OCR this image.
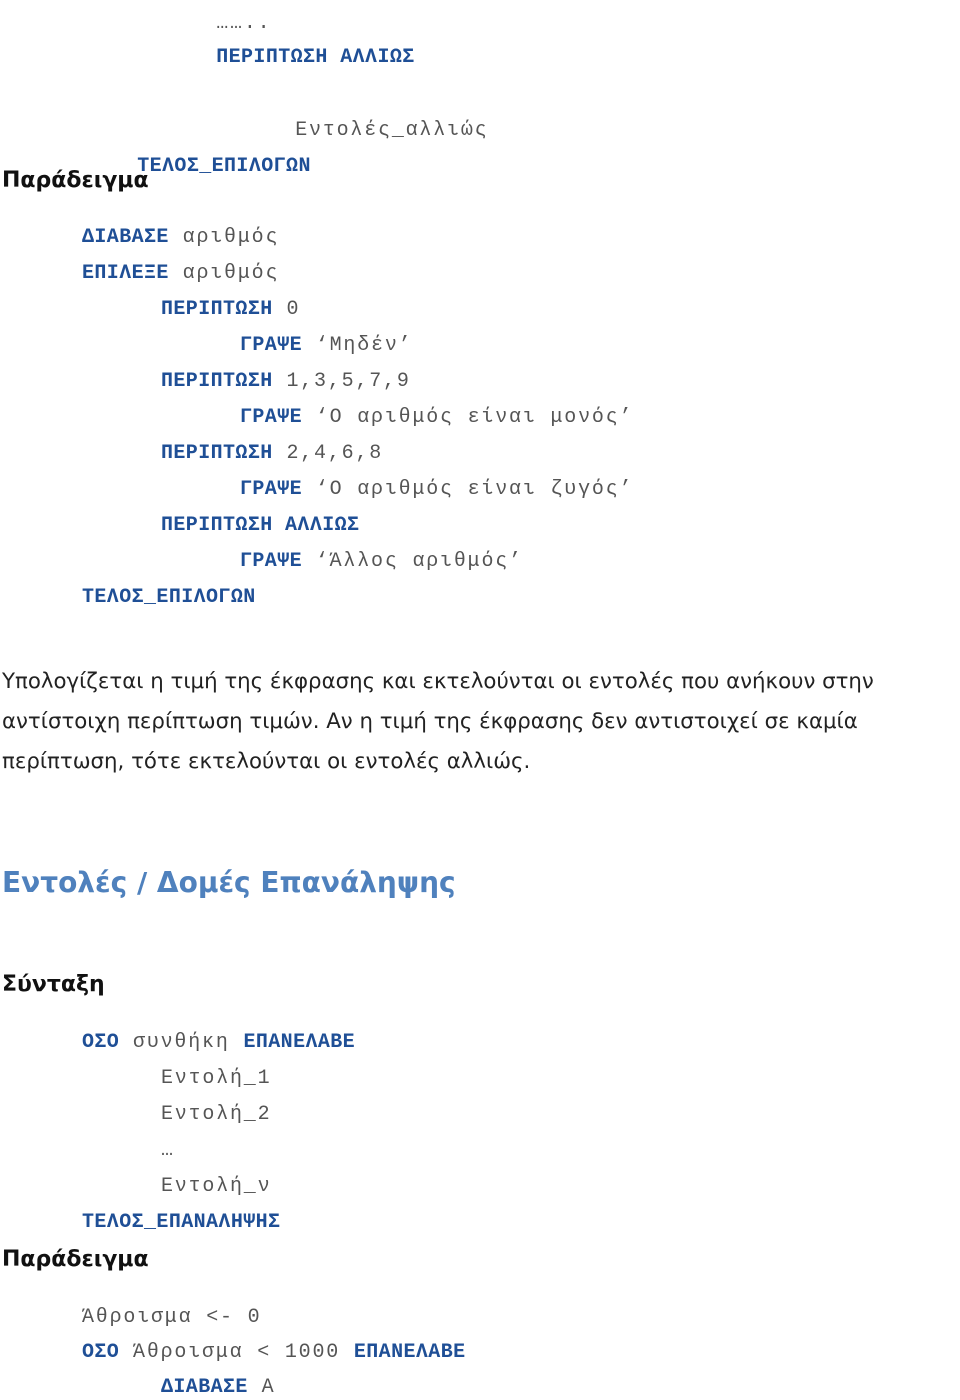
……..

ΠΕΡΙΠΤΩΣΗ ΑΛΛΙΩΣ

Εντολές_αλλιώς

ΤΕΛΟΣ_ΕΠΙΛΟΓΩΝ

Παράδειγμα
ΔΙΑΒΑΣΕ αριθμός
ΕΠΙΛΕΞΕ αριθμός
ΠΕΡΙΠΤΩΣΗ 0
ΓΡΑΨΕ ‘Μηδέν’
ΠΕΡΙΠΤΩΣΗ 1,3,5,7,9
ΓΡΑΨΕ ‘Ο αριθμός είναι μονός’
ΠΕΡΙΠΤΩΣΗ 2,4,6,8
ΓΡΑΨΕ ‘Ο αριθμός είναι ζυγός’
ΠΕΡΙΠΤΩΣΗ ΑΛΛΙΩΣ
ΓΡΑΨΕ ‘Άλλος αριθμός’
ΤΕΛΟΣ_ΕΠΙΛΟΓΩΝ

Υπολογίζεται η τιμή της έκφρασης και εκτελούνται οι εντολές που ανήκουν στην αντίστοιχη περίπτωση τιμών. Αν η τιμή της έκφρασης δεν αντιστοιχεί σε καμία περίπτωση, τότε εκτελούνται οι εντολές αλλιώς.

Εντολές / Δομές Επανάληψης
Σύνταξη
ΟΣΟ συνθήκη ΕΠΑΝΕΛΑΒΕ
Εντολή_1
Εντολή_2
…
Εντολή_ν
ΤΕΛΟΣ_ΕΠΑΝΑΛΗΨΗΣ
Παράδειγμα
Άθροισμα <- 0
ΟΣΟ Άθροισμα < 1000 ΕΠΑΝΕΛΑΒΕ
ΔΙΑΒΑΣΕ Α
